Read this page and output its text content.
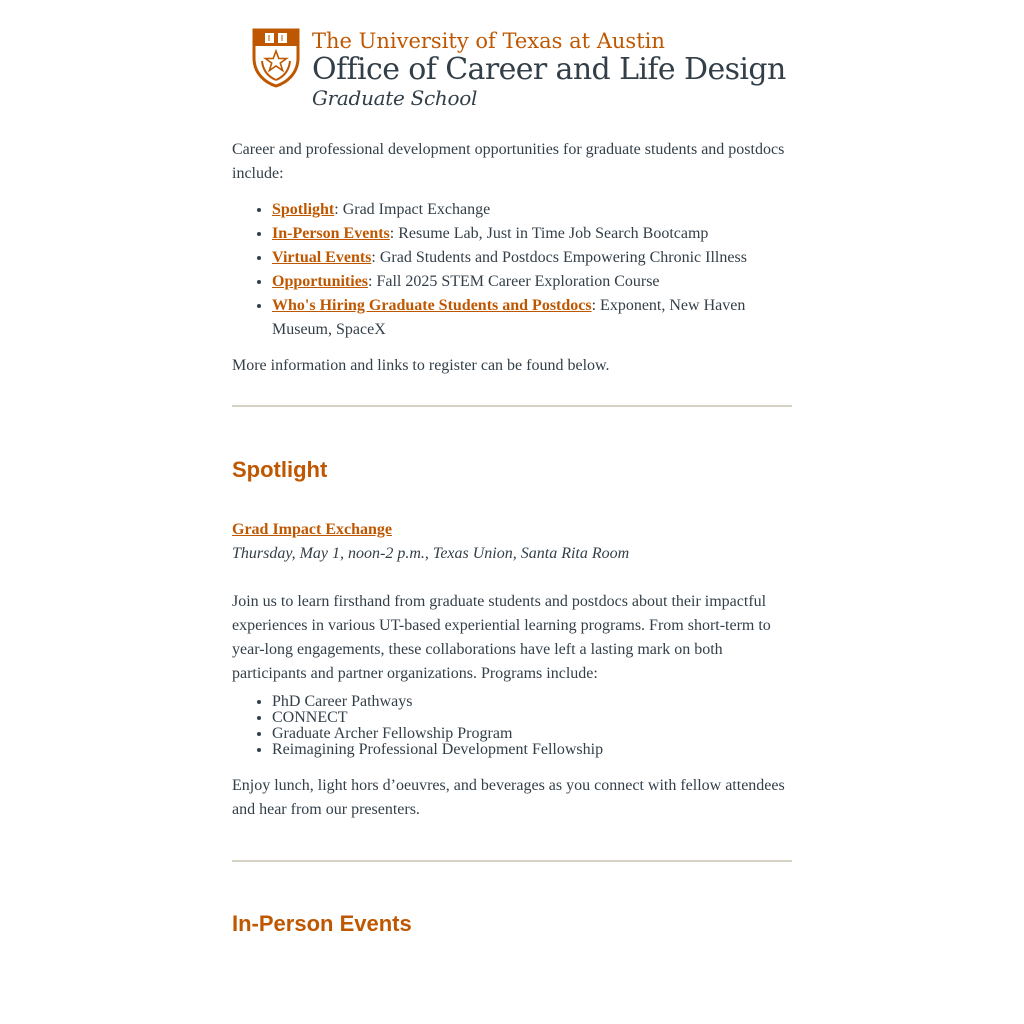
The University of Texas at Austin
Office of Career and Life Design
Graduate School

Career and professional development opportunities for graduate students and postdocs include:

• Spotlight: Grad Impact Exchange
• In-Person Events: Resume Lab, Just in Time Job Search Bootcamp
• Virtual Events: Grad Students and Postdocs Empowering Chronic Illness
• Opportunities: Fall 2025 STEM Career Exploration Course
• Who's Hiring Graduate Students and Postdocs: Exponent, New Haven Museum, SpaceX

More information and links to register can be found below.

Spotlight
Grad Impact Exchange
Thursday, May 1, noon-2 p.m., Texas Union, Santa Rita Room

Join us to learn firsthand from graduate students and postdocs about their impactful experiences in various UT-based experiential learning programs. From short-term to year-long engagements, these collaborations have left a lasting mark on both participants and partner organizations. Programs include:

• PhD Career Pathways
• CONNECT
• Graduate Archer Fellowship Program
• Reimagining Professional Development Fellowship

Enjoy lunch, light hors d’oeuvres, and beverages as you connect with fellow attendees and hear from our presenters.

In-Person Events
